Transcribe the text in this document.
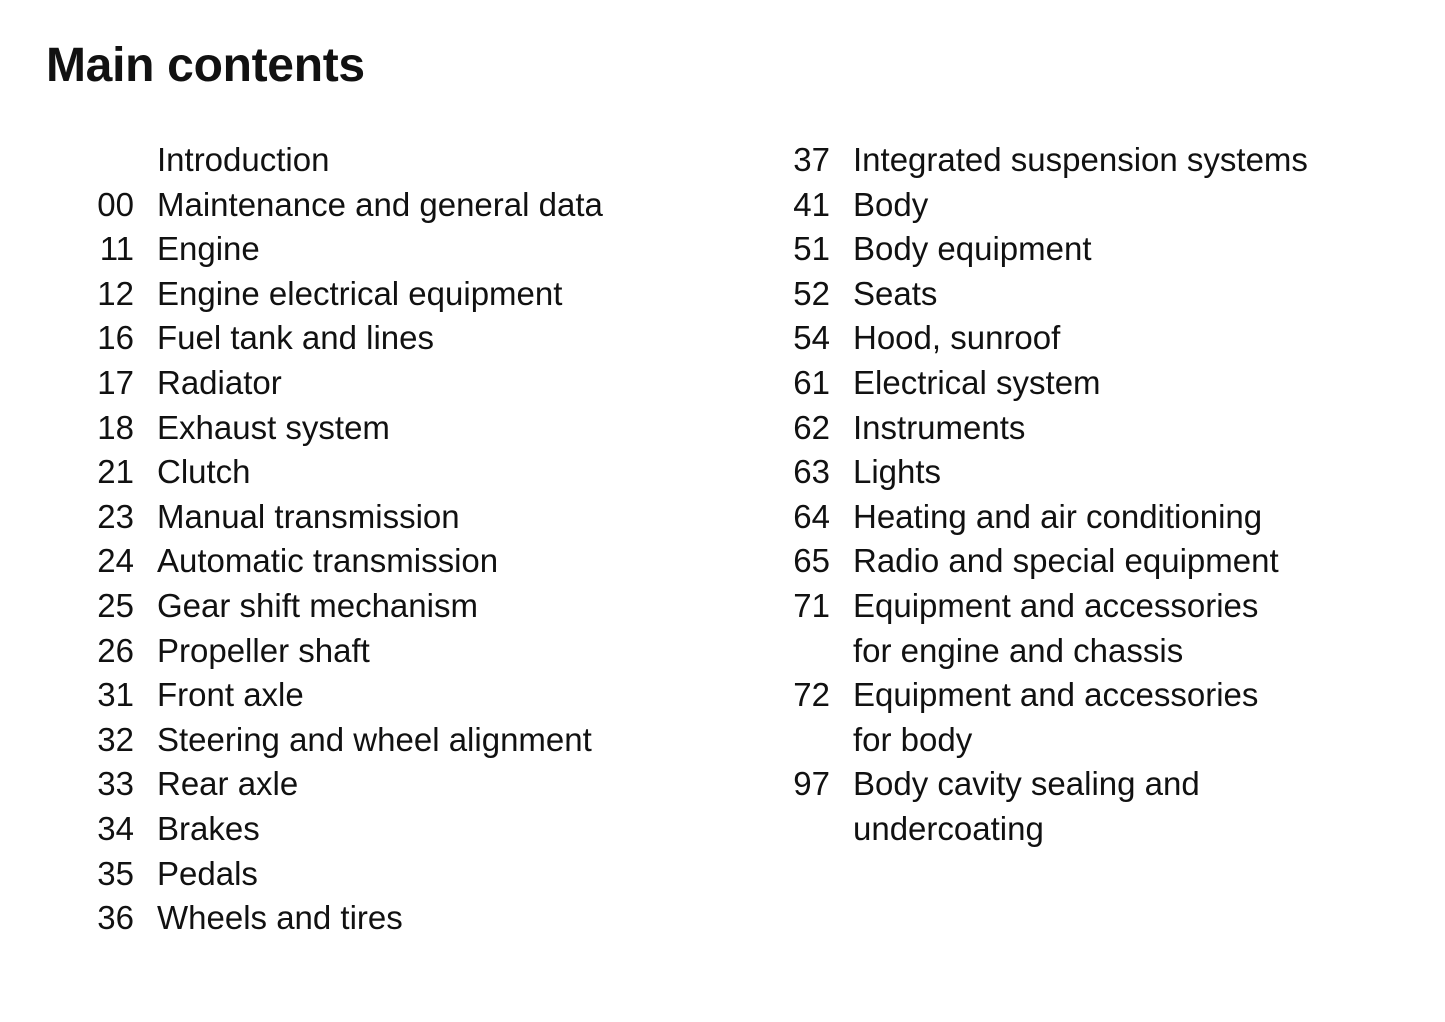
Main contents
Introduction
00 Maintenance and general data
11 Engine
12 Engine electrical equipment
16 Fuel tank and lines
17 Radiator
18 Exhaust system
21 Clutch
23 Manual transmission
24 Automatic transmission
25 Gear shift mechanism
26 Propeller shaft
31 Front axle
32 Steering and wheel alignment
33 Rear axle
34 Brakes
35 Pedals
36 Wheels and tires
37 Integrated suspension systems
41 Body
51 Body equipment
52 Seats
54 Hood, sunroof
61 Electrical system
62 Instruments
63 Lights
64 Heating and air conditioning
65 Radio and special equipment
71 Equipment and accessories
for engine and chassis
72 Equipment and accessories
for body
97 Body cavity sealing and
undercoating
